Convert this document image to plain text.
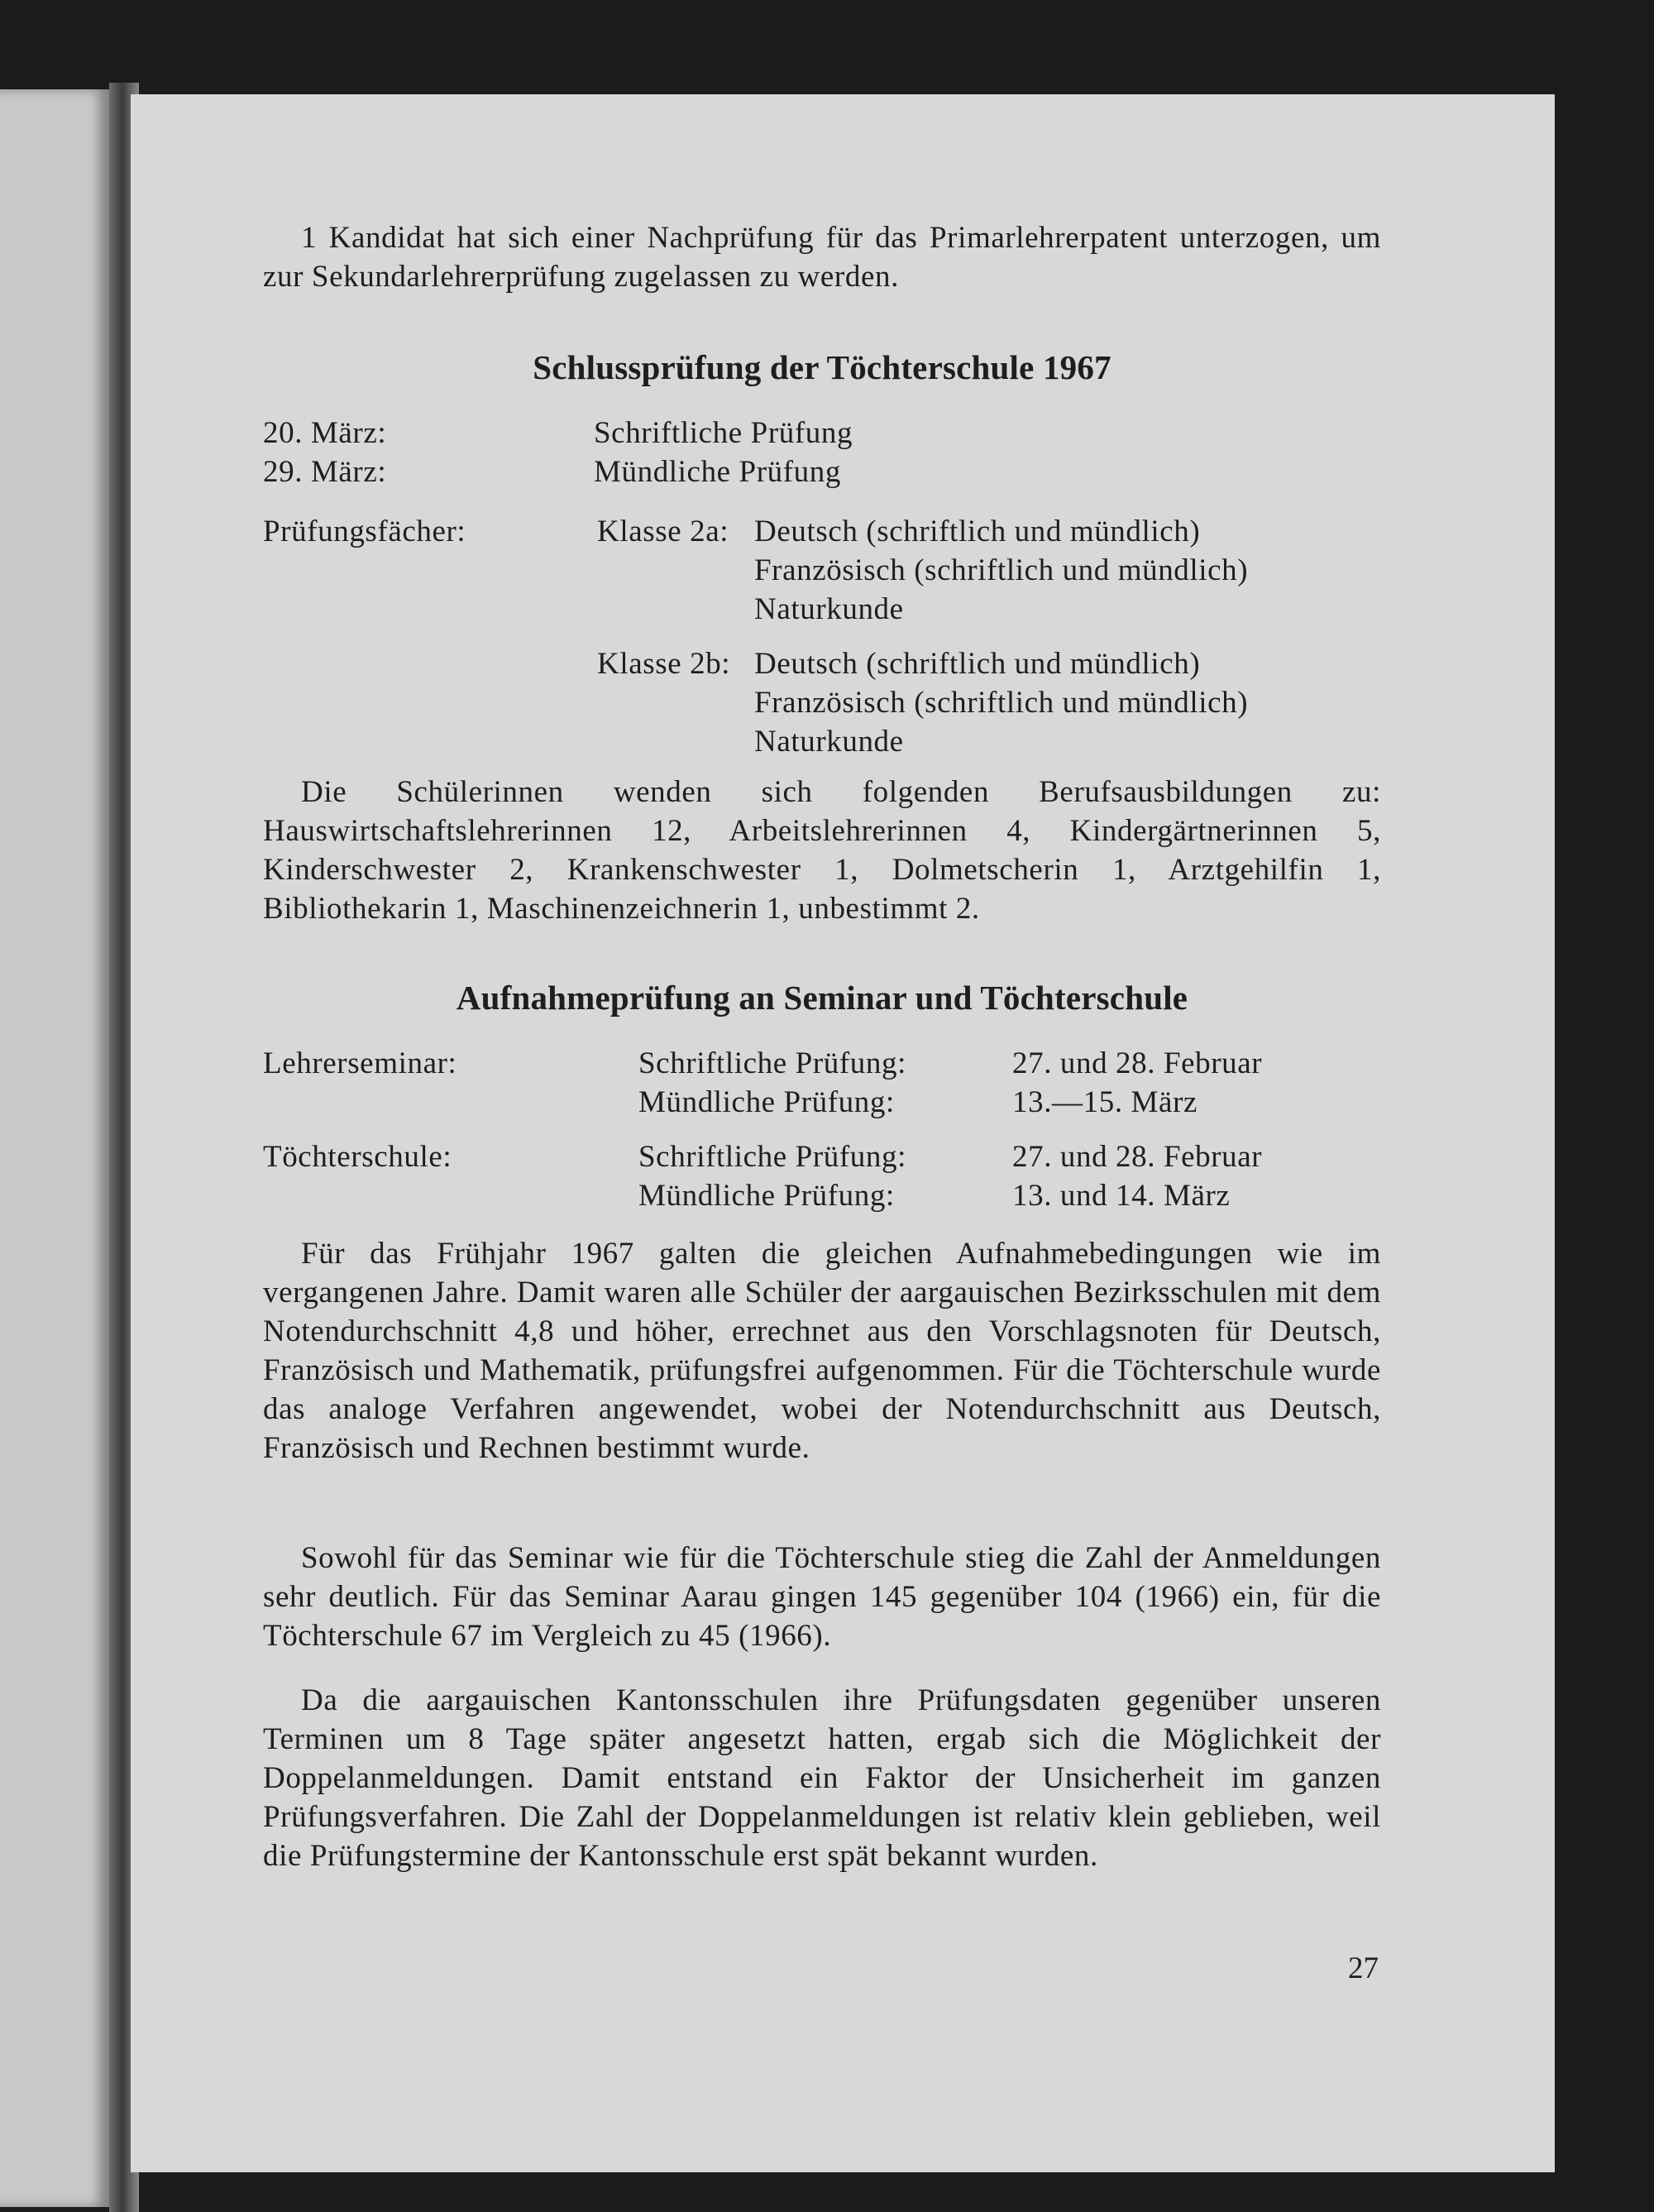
1 Kandidat hat sich einer Nachprüfung für das Primarlehrerpatent unterzogen, um zur Sekundarlehrerprüfung zugelassen zu werden.
Schlussprüfung der Töchterschule 1967
20. März:	Schriftliche Prüfung
29. März:	Mündliche Prüfung
Prüfungsfächer:	Klasse 2a: Deutsch (schriftlich und mündlich)
Französisch (schriftlich und mündlich)
Naturkunde
Klasse 2b: Deutsch (schriftlich und mündlich)
Französisch (schriftlich und mündlich)
Naturkunde
Die Schülerinnen wenden sich folgenden Berufsausbildungen zu: Hauswirtschaftslehrerinnen 12, Arbeitslehrerinnen 4, Kindergärtnerinnen 5, Kinderschwester 2, Krankenschwester 1, Dolmetscherin 1, Arztgehilfin 1, Bibliothekarin 1, Maschinenzeichnerin 1, unbestimmt 2.
Aufnahmeprüfung an Seminar und Töchterschule
Lehrerseminar:	Schriftliche Prüfung:	27. und 28. Februar
Mündliche Prüfung:	13.—15. März
Töchterschule:	Schriftliche Prüfung:	27. und 28. Februar
Mündliche Prüfung:	13. und 14. März
Für das Frühjahr 1967 galten die gleichen Aufnahmebedingungen wie im vergangenen Jahre. Damit waren alle Schüler der aargauischen Bezirksschulen mit dem Notendurchschnitt 4,8 und höher, errechnet aus den Vorschlagsnoten für Deutsch, Französisch und Mathematik, prüfungsfrei aufgenommen. Für die Töchterschule wurde das analoge Verfahren angewendet, wobei der Notendurchschnitt aus Deutsch, Französisch und Rechnen bestimmt wurde.
Sowohl für das Seminar wie für die Töchterschule stieg die Zahl der Anmeldungen sehr deutlich. Für das Seminar Aarau gingen 145 gegenüber 104 (1966) ein, für die Töchterschule 67 im Vergleich zu 45 (1966).
Da die aargauischen Kantonsschulen ihre Prüfungsdaten gegenüber unseren Terminen um 8 Tage später angesetzt hatten, ergab sich die Möglichkeit der Doppelanmeldungen. Damit entstand ein Faktor der Unsicherheit im ganzen Prüfungsverfahren. Die Zahl der Doppelanmeldungen ist relativ klein geblieben, weil die Prüfungstermine der Kantonsschule erst spät bekannt wurden.
27
